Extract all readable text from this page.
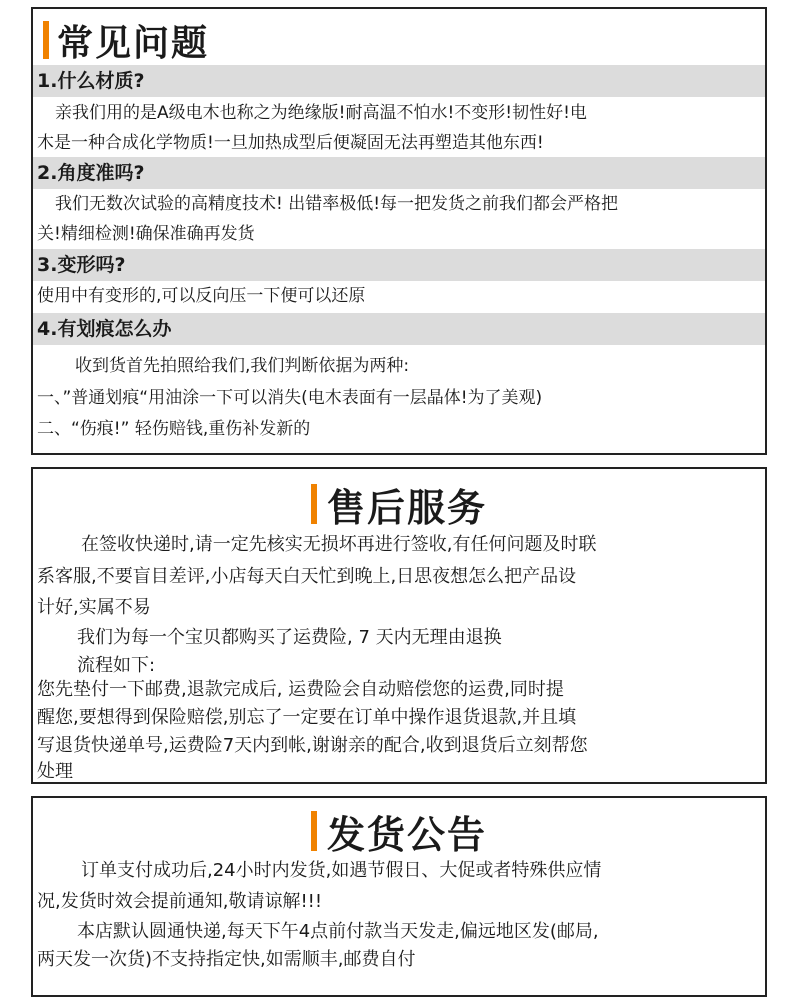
常见问题
1.什么材质?
亲我们用的是A级电木也称之为绝缘版!耐高温不怕水!不变形!韧性好!电
木是一种合成化学物质!一旦加热成型后便凝固无法再塑造其他东西!
2.角度准吗?
我们无数次试验的高精度技术! 出错率极低!每一把发货之前我们都会严格把
关!精细检测!确保准确再发货
3.变形吗?
使用中有变形的,可以反向压一下便可以还原
4.有划痕怎么办
收到货首先拍照给我们,我们判断依据为两种:
一、”普通划痕“用油涂一下可以消失(电木表面有一层晶体!为了美观)
二、“伤痕!” 轻伤赔钱,重伤补发新的
售后服务
在签收快递时,请一定先核实无损坏再进行签收,有任何问题及时联
系客服,不要盲目差评,小店每天白天忙到晚上,日思夜想怎么把产品设
计好,实属不易
我们为每一个宝贝都购买了运费险, 7 天内无理由退换
流程如下:
您先垫付一下邮费,退款完成后, 运费险会自动赔偿您的运费,同时提
醒您,要想得到保险赔偿,别忘了一定要在订单中操作退货退款,并且填
写退货快递单号,运费险7天内到帐,谢谢亲的配合,收到退货后立刻帮您
处理
发货公告
订单支付成功后,24小时内发货,如遇节假日、大促或者特殊供应情
况,发货时效会提前通知,敬请谅解!!!
本店默认圆通快递,每天下午4点前付款当天发走,偏远地区发(邮局,
两天发一次货)不支持指定快,如需顺丰,邮费自付
